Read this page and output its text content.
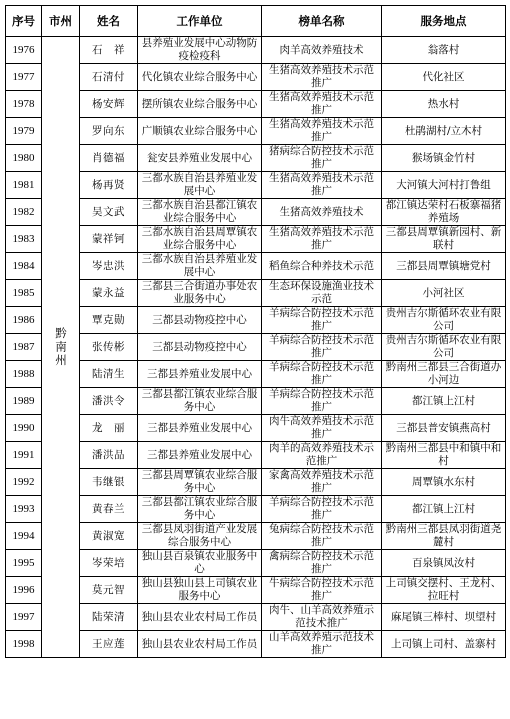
序号	市州	姓名	工作单位	榜单名称	服务地点
1976	黔南州	石　祥	县养殖业发展中心动物防疫检疫科	肉羊高效养殖技术	翁落村
1977		石清付	代化镇农业综合服务中心	生猪高效养殖技术示范推广	代化社区
1978		杨安辉	摆所镇农业综合服务中心	生猪高效养殖技术示范推广	热水村
1979		罗向东	广顺镇农业综合服务中心	生猪高效养殖技术示范推广	杜鹃湖村/立木村
1980		肖德福	瓮安县养殖业发展中心	猪病综合防控技术示范推广	猴场镇金竹村
1981		杨再贤	三都水族自治县养殖业发展中心	生猪高效养殖技术示范推广	大河镇大河村打鲁组
1982		吴文武	三都水族自治县都江镇农业综合服务中心	生猪高效养殖技术	都江镇达荣村石板寨福猪养殖场
1983		蒙祥钶	三都水族自治县周覃镇农业综合服务中心	生猪高效养殖技术示范推广	三都县周覃镇新园村、新联村
1984		岑忠洪	三都水族自治县养殖业发展中心	稻鱼综合种养技术示范	三都县周覃镇塘党村
1985		蒙永益	三都县三合街道办事处农业服务中心	生态环保设施渔业技术示范	小河社区
1986		覃克勋	三都县动物疫控中心	羊病综合防控技术示范推广	贵州吉尔斯循环农业有限公司
1987		张传彬	三都县动物疫控中心	羊病综合防控技术示范推广	贵州吉尔斯循环农业有限公司
1988		陆清生	三都县养殖业发展中心	羊病综合防控技术示范推广	黔南州三都县三合街道办小河边
1989		潘洪令	三都县都江镇农业综合服务中心	羊病综合防控技术示范推广	都江镇上江村
1990		龙　丽	三都县养殖业发展中心	肉牛高效养殖技术示范推广	三都县普安镇燕高村
1991		潘洪品	三都县养殖业发展中心	肉羊的高效养殖技术示范推广	黔南州三都县中和镇中和村
1992		韦继银	三都县周覃镇农业综合服务中心	家禽高效养殖技术示范推广	周覃镇水东村
1993		黄春兰	三都县都江镇农业综合服务中心	羊病综合防控技术示范推广	都江镇上江村
1994		黄淑宽	三都县凤羽街道产业发展综合服务中心	兔病综合防控技术示范推广	黔南州三都县凤羽街道尧麓村
1995		岑荣培	独山县百泉镇农业服务中心	禽病综合防控技术示范推广	百泉镇凤汝村
1996		莫元智	独山县独山县上司镇农业服务中心	牛病综合防控技术示范推广	上司镇交摆村、王龙村、拉旺村
1997		陆荣清	独山县农业农村局工作员	肉牛、山羊高效养殖示范技术推广	麻尾镇三棒村、坝望村
1998		王应莲	独山县农业农村局工作员	山羊高效养殖示范技术推广	上司镇上司村、盖寨村
